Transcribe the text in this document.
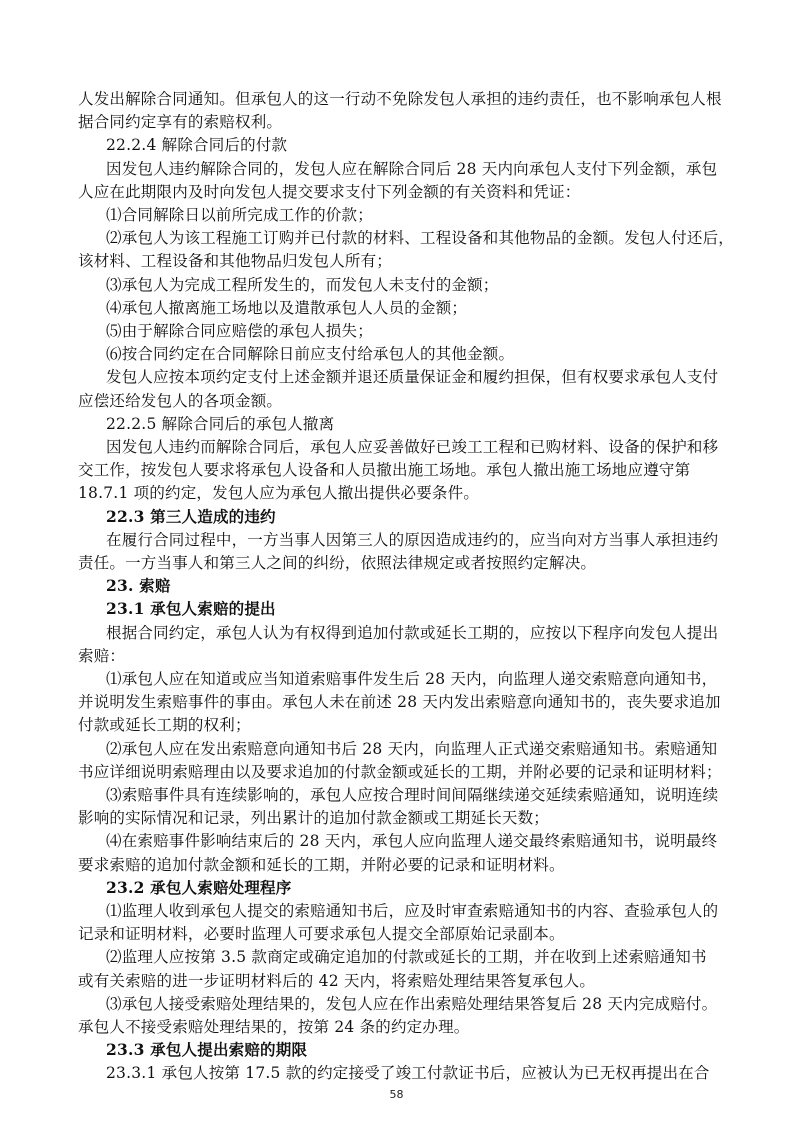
人发出解除合同通知。但承包人的这一行动不免除发包人承担的违约责任，也不影响承包人根
据合同约定享有的索赔权利。
22.2.4 解除合同后的付款
因发包人违约解除合同的，发包人应在解除合同后 28 天内向承包人支付下列金额，承包
人应在此期限内及时向发包人提交要求支付下列金额的有关资料和凭证：
⑴合同解除日以前所完成工作的价款；
⑵承包人为该工程施工订购并已付款的材料、工程设备和其他物品的金额。发包人付还后，
该材料、工程设备和其他物品归发包人所有；
⑶承包人为完成工程所发生的，而发包人未支付的金额；
⑷承包人撤离施工场地以及遣散承包人人员的金额；
⑸由于解除合同应赔偿的承包人损失；
⑹按合同约定在合同解除日前应支付给承包人的其他金额。
发包人应按本项约定支付上述金额并退还质量保证金和履约担保，但有权要求承包人支付
应偿还给发包人的各项金额。
22.2.5 解除合同后的承包人撤离
因发包人违约而解除合同后，承包人应妥善做好已竣工工程和已购材料、设备的保护和移
交工作，按发包人要求将承包人设备和人员撤出施工场地。承包人撤出施工场地应遵守第
18.7.1 项的约定，发包人应为承包人撤出提供必要条件。
22.3 第三人造成的违约
在履行合同过程中，一方当事人因第三人的原因造成违约的，应当向对方当事人承担违约
责任。一方当事人和第三人之间的纠纷，依照法律规定或者按照约定解决。
23. 索赔
23.1 承包人索赔的提出
根据合同约定，承包人认为有权得到追加付款或延长工期的，应按以下程序向发包人提出
索赔：
⑴承包人应在知道或应当知道索赔事件发生后 28 天内，向监理人递交索赔意向通知书，
并说明发生索赔事件的事由。承包人未在前述 28 天内发出索赔意向通知书的，丧失要求追加
付款或延长工期的权利；
⑵承包人应在发出索赔意向通知书后 28 天内，向监理人正式递交索赔通知书。索赔通知
书应详细说明索赔理由以及要求追加的付款金额或延长的工期，并附必要的记录和证明材料；
⑶索赔事件具有连续影响的，承包人应按合理时间间隔继续递交延续索赔通知，说明连续
影响的实际情况和记录，列出累计的追加付款金额或工期延长天数；
⑷在索赔事件影响结束后的 28 天内，承包人应向监理人递交最终索赔通知书，说明最终
要求索赔的追加付款金额和延长的工期，并附必要的记录和证明材料。
23.2 承包人索赔处理程序
⑴监理人收到承包人提交的索赔通知书后，应及时审查索赔通知书的内容、查验承包人的
记录和证明材料，必要时监理人可要求承包人提交全部原始记录副本。
⑵监理人应按第 3.5 款商定或确定追加的付款或延长的工期，并在收到上述索赔通知书
或有关索赔的进一步证明材料后的 42 天内，将索赔处理结果答复承包人。
⑶承包人接受索赔处理结果的，发包人应在作出索赔处理结果答复后 28 天内完成赔付。
承包人不接受索赔处理结果的，按第 24 条的约定办理。
23.3 承包人提出索赔的期限
23.3.1 承包人按第 17.5 款的约定接受了竣工付款证书后，应被认为已无权再提出在合
58
